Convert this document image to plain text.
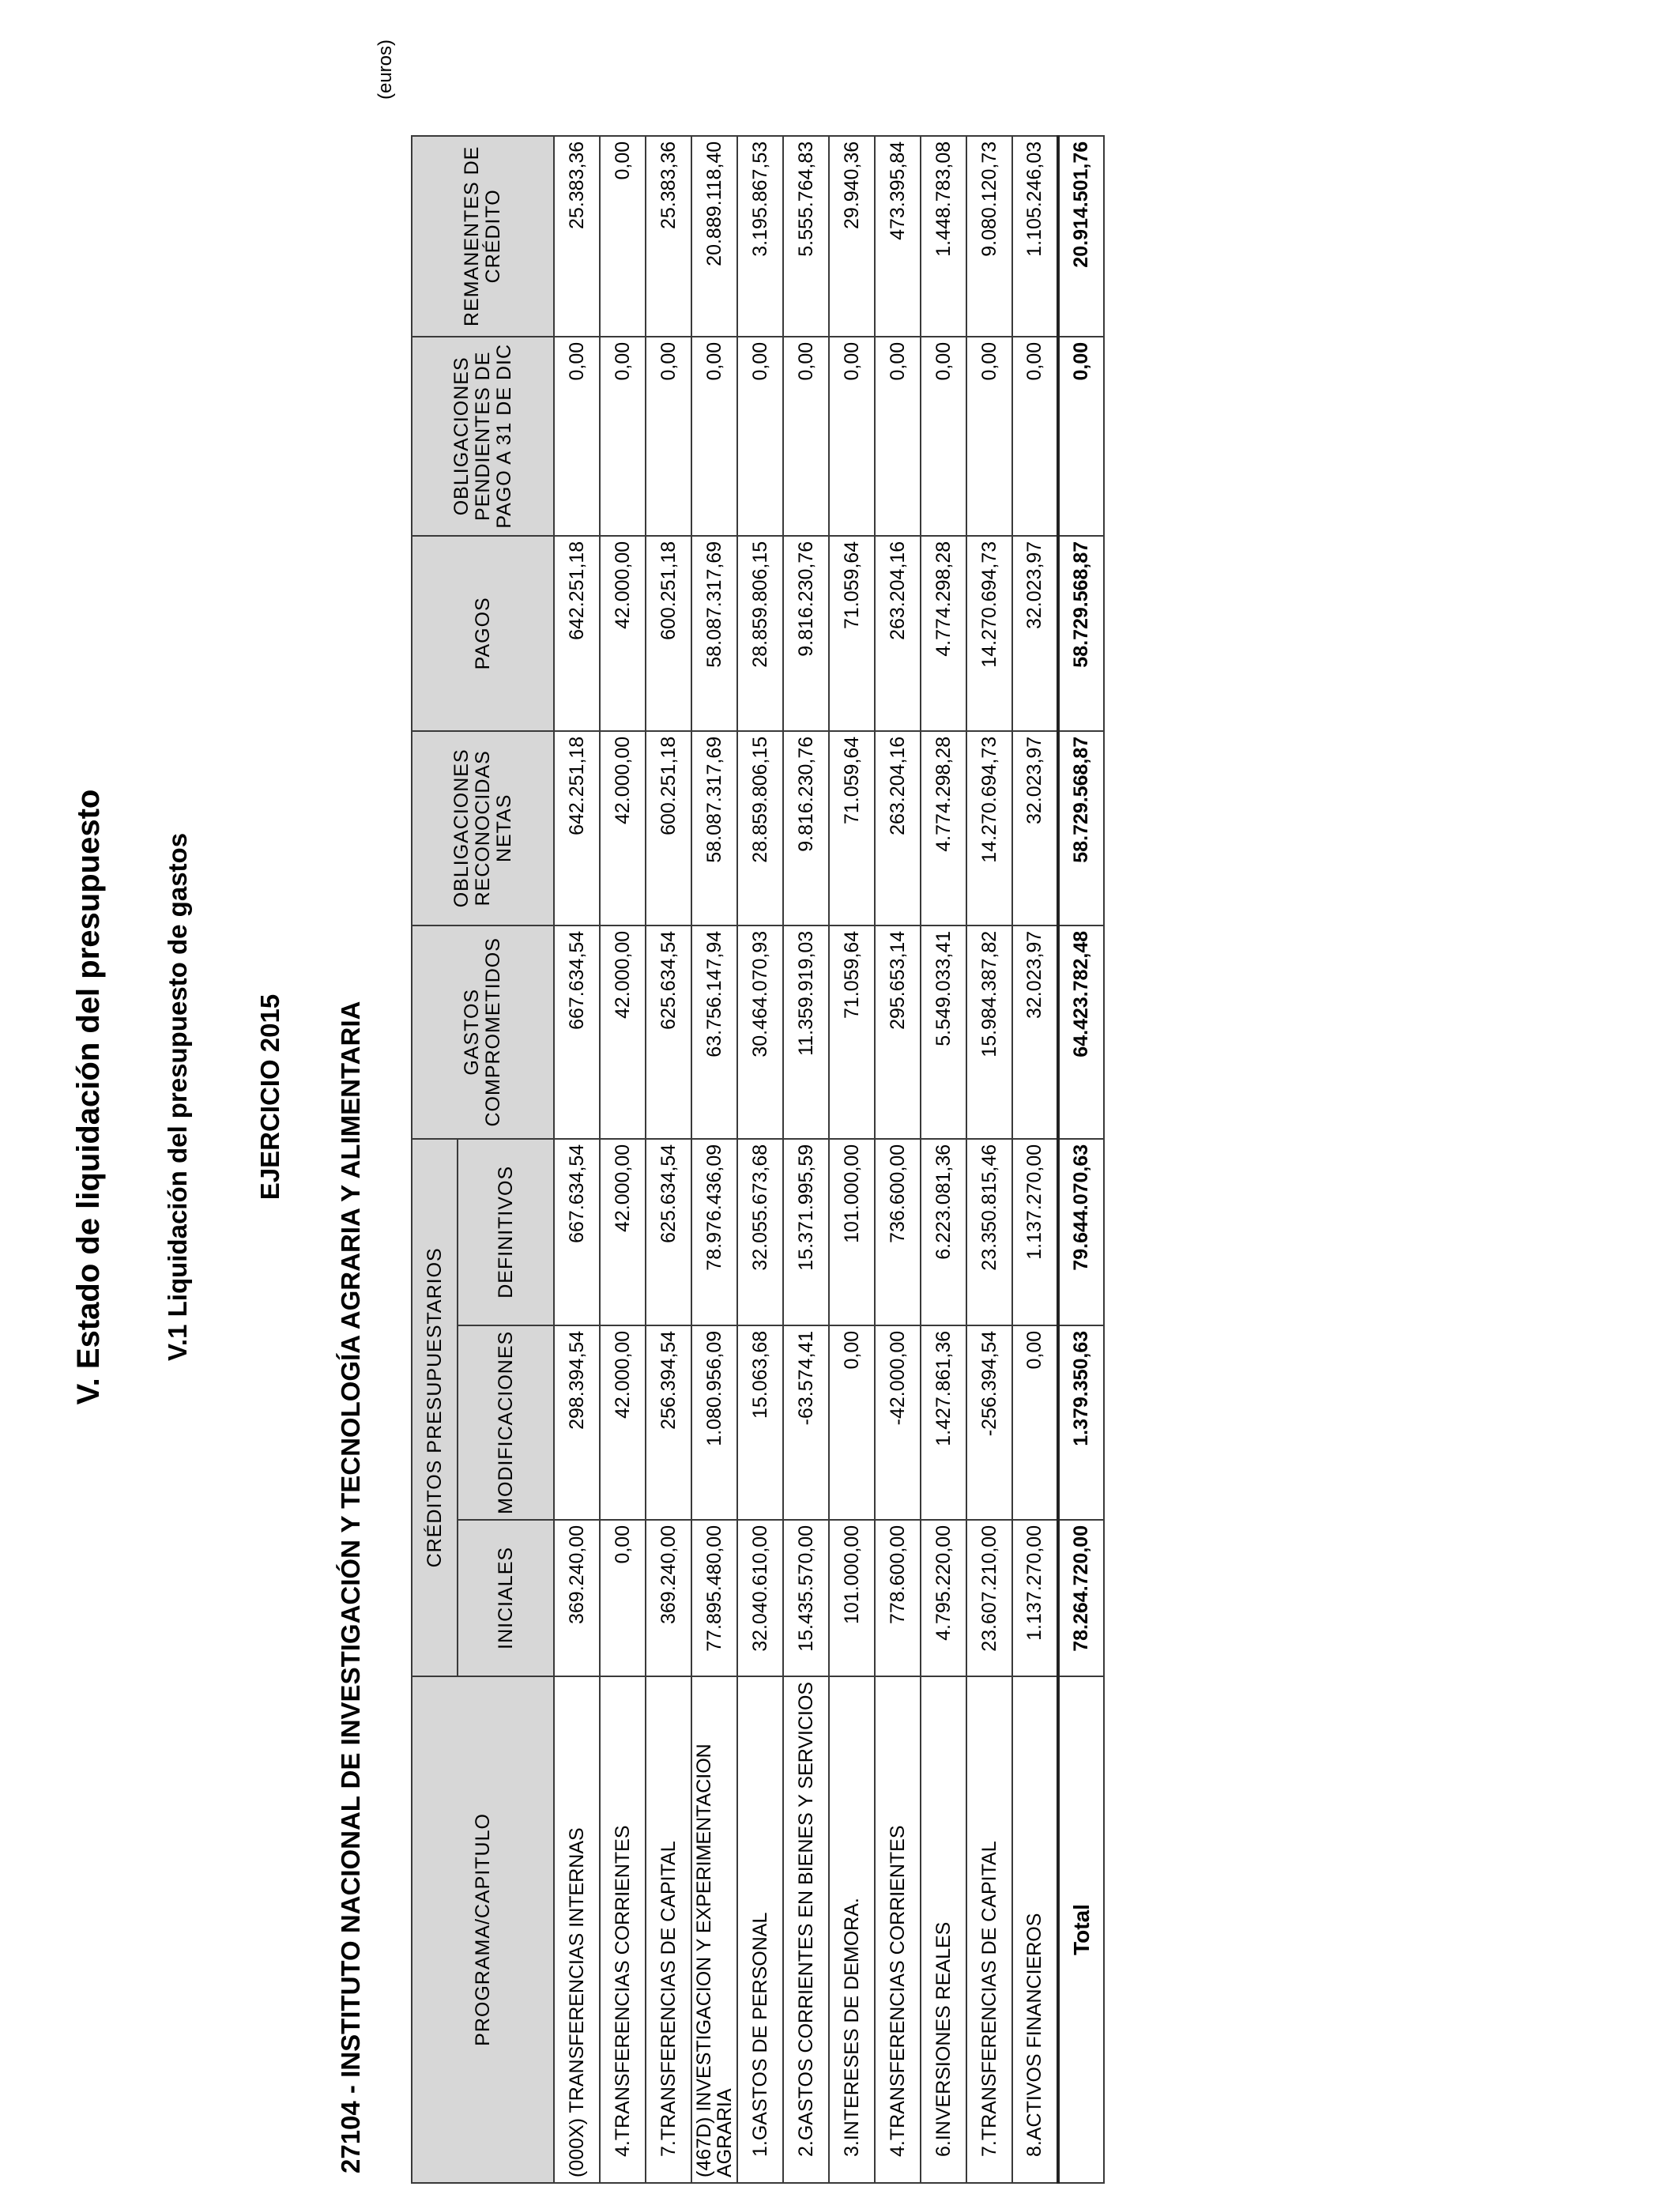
V. Estado de liquidación del presupuesto V.1 Liquidación del presupuesto de gastos EJERCICIO 2015 27104 - INSTITUTO NACIONAL DE INVESTIGACIÓN Y TECNOLOGÍA AGRARIA Y ALIMENTARIA
(euros)
PROGRAMA/CAPITULO	CRÉDITOS PRESUPUESTARIOS			GASTOS COMPROMETIDOS	OBLIGACIONES RECONOCIDAS NETAS	PAGOS	OBLIGACIONES PENDIENTES DE PAGO A 31 DE DIC	REMANENTES DE CRÉDITO
	INICIALES	MODIFICACIONES	DEFINITIVOS					
(000X) TRANSFERENCIAS INTERNAS	369.240,00	298.394,54	667.634,54	667.634,54	642.251,18	642.251,18	0,00	25.383,36
4.TRANSFERENCIAS CORRIENTES	0,00	42.000,00	42.000,00	42.000,00	42.000,00	42.000,00	0,00	0,00
7.TRANSFERENCIAS DE CAPITAL	369.240,00	256.394,54	625.634,54	625.634,54	600.251,18	600.251,18	0,00	25.383,36
(467D) INVESTIGACION Y EXPERIMENTACION AGRARIA	77.895.480,00	1.080.956,09	78.976.436,09	63.756.147,94	58.087.317,69	58.087.317,69	0,00	20.889.118,40
1.GASTOS DE PERSONAL	32.040.610,00	15.063,68	32.055.673,68	30.464.070,93	28.859.806,15	28.859.806,15	0,00	3.195.867,53
2.GASTOS CORRIENTES EN BIENES Y SERVICIOS	15.435.570,00	-63.574,41	15.371.995,59	11.359.919,03	9.816.230,76	9.816.230,76	0,00	5.555.764,83
3.INTERESES DE DEMORA.	101.000,00	0,00	101.000,00	71.059,64	71.059,64	71.059,64	0,00	29.940,36
4.TRANSFERENCIAS CORRIENTES	778.600,00	-42.000,00	736.600,00	295.653,14	263.204,16	263.204,16	0,00	473.395,84
6.INVERSIONES REALES	4.795.220,00	1.427.861,36	6.223.081,36	5.549.033,41	4.774.298,28	4.774.298,28	0,00	1.448.783,08
7.TRANSFERENCIAS DE CAPITAL	23.607.210,00	-256.394,54	23.350.815,46	15.984.387,82	14.270.694,73	14.270.694,73	0,00	9.080.120,73
8.ACTIVOS FINANCIEROS	1.137.270,00	0,00	1.137.270,00	32.023,97	32.023,97	32.023,97	0,00	1.105.246,03
Total	78.264.720,00	1.379.350,63	79.644.070,63	64.423.782,48	58.729.568,87	58.729.568,87	0,00	20.914.501,76
